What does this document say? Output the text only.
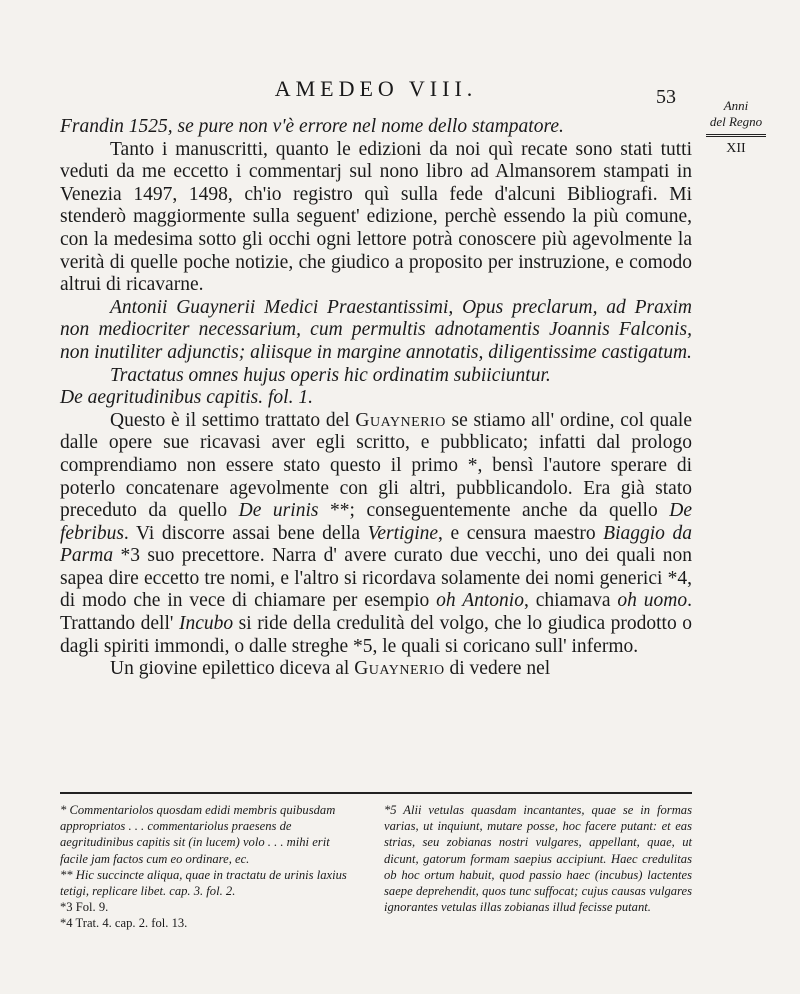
AMEDEO VIII.	53	Anni
del Regno
XII

Frandin 1525, se pure non v'è errore nel nome dello stampatore.

Tanto i manuscritti, quanto le edizioni da noi quì recate sono stati tutti veduti da me eccetto i commentarj sul nono libro ad Almansorem stampati in Venezia 1497, 1498, ch'io registro quì sulla fede d'alcuni Bibliografi. Mi stenderò maggiormente sulla seguent' edizione, perchè essendo la più comune, con la medesima sotto gli occhi ogni lettore potrà conoscere più agevolmente la verità di quelle poche notizie, che giudico a proposito per instruzione, e comodo altrui di ricavarne.

Antonii Guaynerii Medici Praestantissimi, Opus preclarum, ad Praxim non mediocriter necessarium, cum permultis adnotamentis Joannis Falconis, non inutiliter adjunctis; aliisque in margine annotatis, diligentissime castigatum.

Tractatus omnes hujus operis hic ordinatim subiiciuntur.

De aegritudinibus capitis. fol. 1.

Questo è il settimo trattato del Guaynerio se stiamo all' ordine, col quale dalle opere sue ricavasi aver egli scritto, e pubblicato; infatti dal prologo comprendiamo non essere stato questo il primo *, bensì l'autore sperare di poterlo concatenare agevolmente con gli altri, pubblicandolo. Era già stato preceduto da quello De urinis **; conseguentemente anche da quello De febribus. Vi discorre assai bene della Vertigine, e censura maestro Biaggio da Parma *3 suo precettore. Narra d' avere curato due vecchi, uno dei quali non sapea dire eccetto tre nomi, e l'altro si ricordava solamente dei nomi generici *4, di modo che in vece di chiamare per esempio oh Antonio, chiamava oh uomo. Trattando dell' Incubo si ride della credulità del volgo, che lo giudica prodotto o dagli spiriti immondi, o dalle streghe *5, le quali si coricano sull' infermo.

Un giovine epilettico diceva al Guaynerio di vedere nel

* Commentariolos quosdam edidi membris quibusdam appropriatos . . . commentariolus praesens de aegritudinibus capitis sit (in lucem) volo . . . mihi erit facile jam factos cum eo ordinare, ec.

** Hic succincte aliqua, quae in tractatu de urinis laxius tetigi, replicare libet. cap. 3. fol. 2.

*3 Fol. 9.

*4 Trat. 4. cap. 2. fol. 13.

*5 Alii vetulas quasdam incantantes, quae se in formas varias, ut inquiunt, mutare posse, hoc facere putant: et eas strias, seu zobianas nostri vulgares, appellant, quae, ut dicunt, gatorum formam saepius accipiunt. Haec credulitas ob hoc ortum habuit, quod passio haec (incubus) lactentes saepe deprehendit, quos tunc suffocat; cujus causas vulgares ignorantes vetulas illas zobianas illud fecisse putant.
